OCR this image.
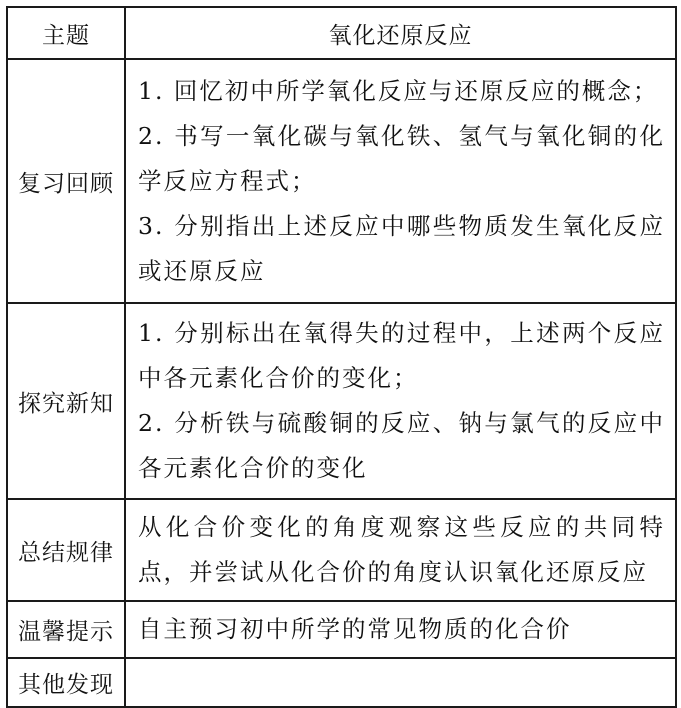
主题	氧化还原反应
复习回顾	1. 回忆初中所学氧化反应与还原反应的概念；

2. 书写一氧化碳与氧化铁、氢气与氧化铜的化学反应方程式；

3. 分别指出上述反应中哪些物质发生氧化反应或还原反应

探究新知	1. 分别标出在氧得失的过程中，上述两个反应中各元素化合价的变化；

2. 分析铁与硫酸铜的反应、钠与氯气的反应中各元素化合价的变化

总结规律	从化合价变化的角度观察这些反应的共同特点，并尝试从化合价的角度认识氧化还原反应

温馨提示	自主预习初中所学的常见物质的化合价

其他发现	
